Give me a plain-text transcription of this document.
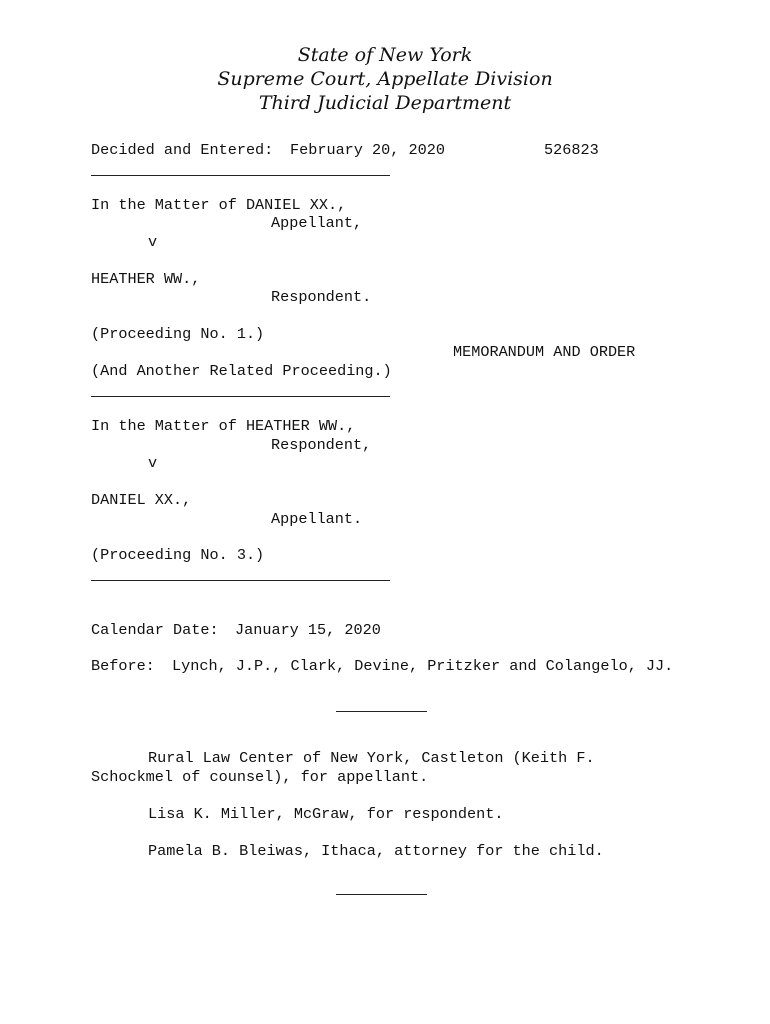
State of New York
Supreme Court, Appellate Division
Third Judicial Department
Decided and Entered: February 20, 2020	526823
In the Matter of DANIEL XX.,
Appellant,
v
HEATHER WW.,
Respondent.
(Proceeding No. 1.)
MEMORANDUM AND ORDER
(And Another Related Proceeding.)
In the Matter of HEATHER WW.,
Respondent,
v
DANIEL XX.,
Appellant.
(Proceeding No. 3.)
Calendar Date: January 15, 2020
Before: Lynch, J.P., Clark, Devine, Pritzker and Colangelo, JJ.
Rural Law Center of New York, Castleton (Keith F.
Schockmel of counsel), for appellant.
Lisa K. Miller, McGraw, for respondent.
Pamela B. Bleiwas, Ithaca, attorney for the child.
